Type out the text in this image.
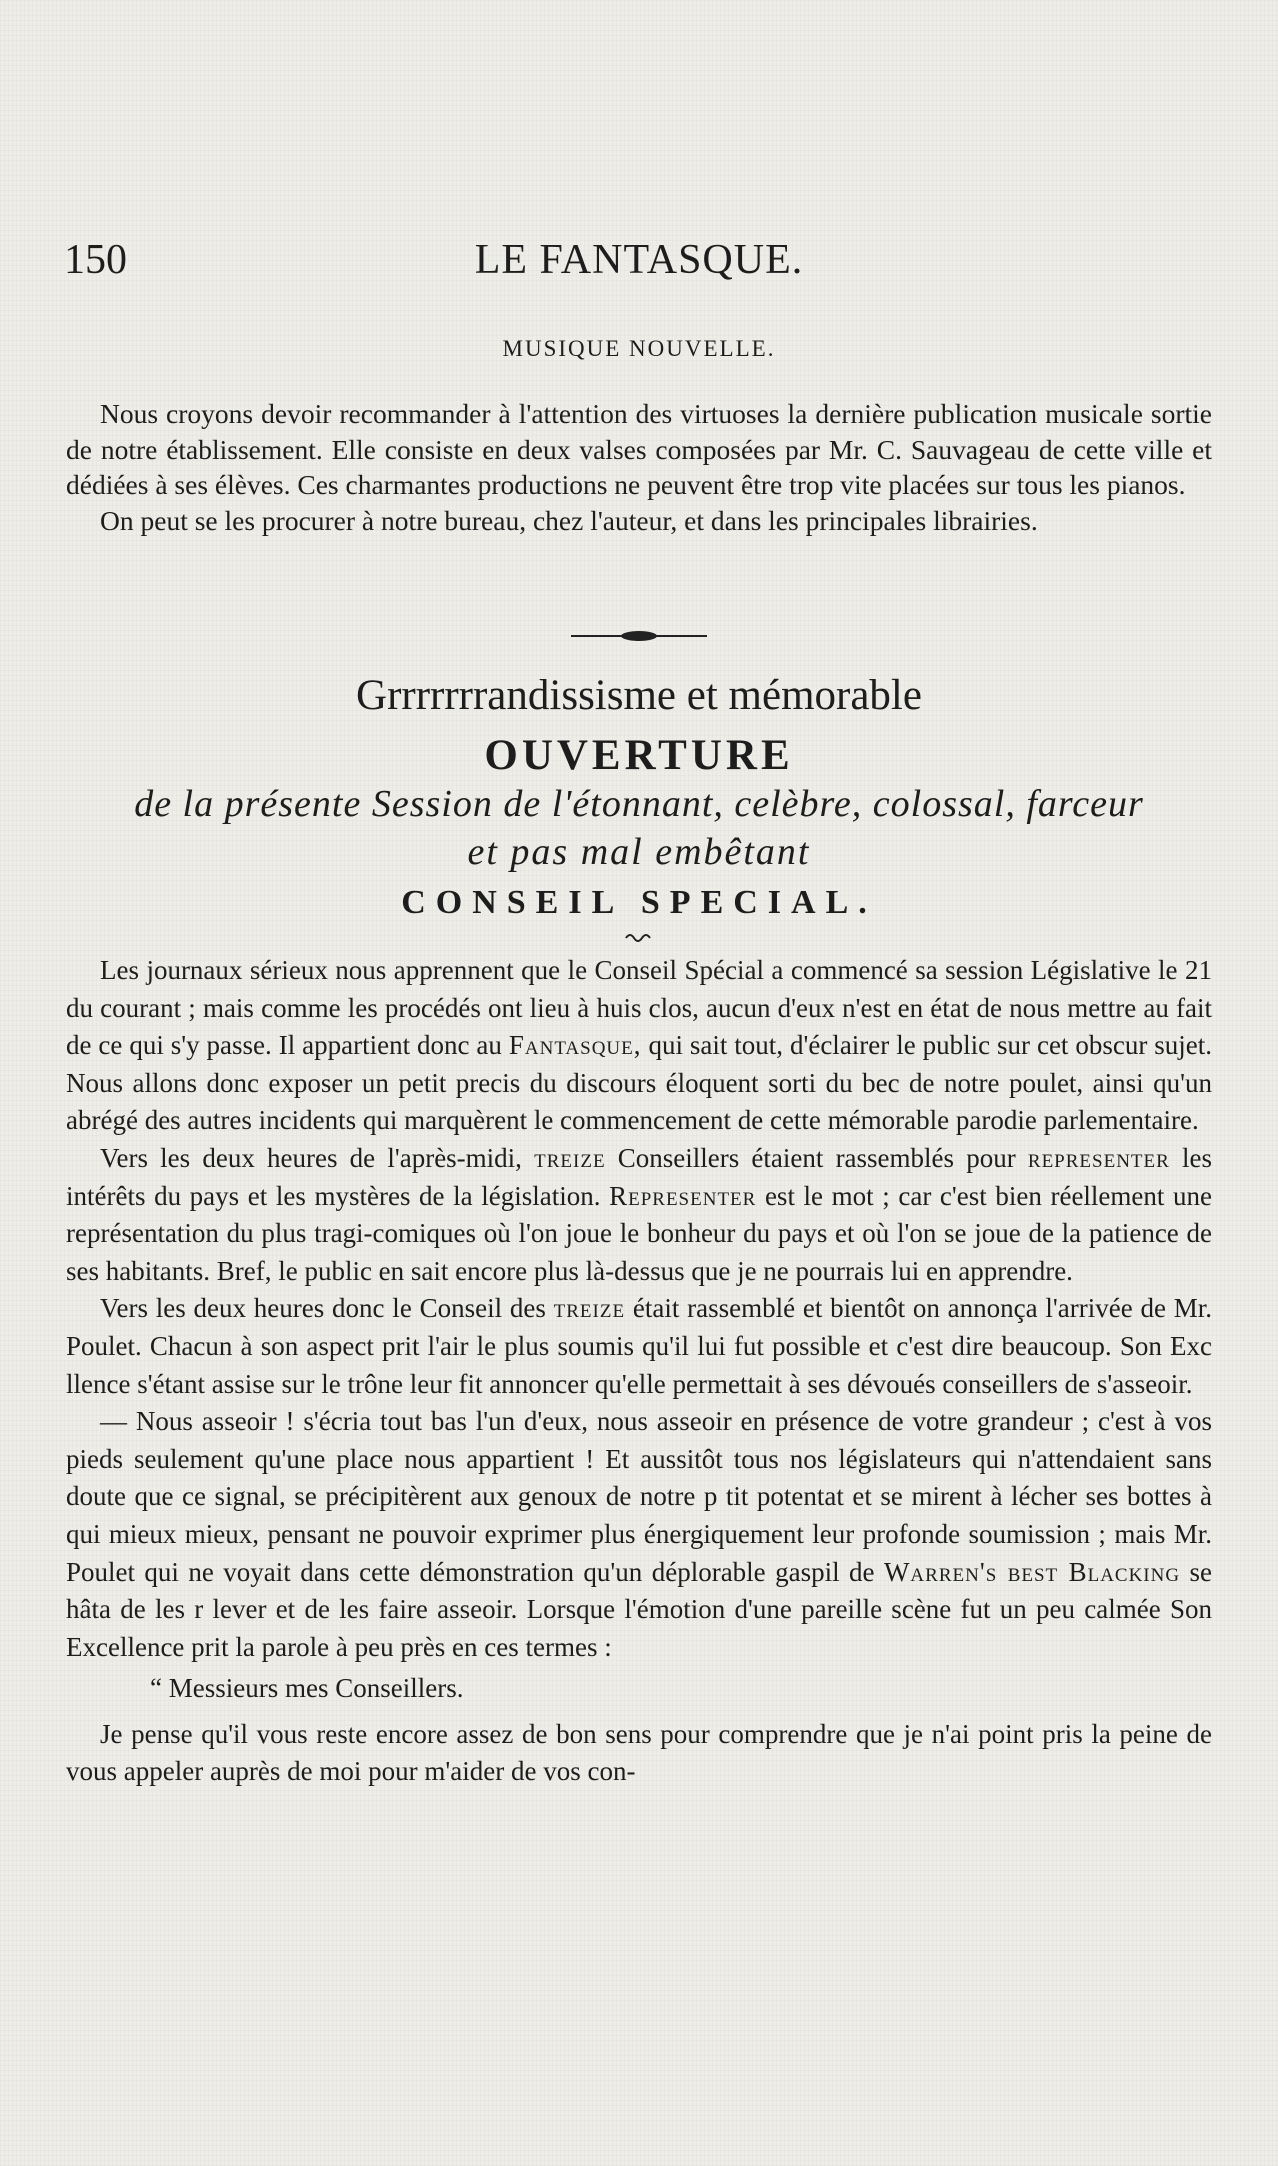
150	LE FANTASQUE.
MUSIQUE NOUVELLE.

Nous croyons devoir recommander à l'attention des virtuoses la dernière publication musicale sortie de notre établissement. Elle consiste en deux valses composées par Mr. C. Sauvageau de cette ville et dédiées à ses élèves. Ces charmantes productions ne peuvent être trop vite placées sur tous les pianos.

On peut se les procurer à notre bureau, chez l'auteur, et dans les principales librairies.

Grrrrrrrandissisme et mémorable
OUVERTURE
de la présente Session de l'étonnant, celèbre, colossal, farceur
et pas mal embêtant
CONSEIL SPECIAL.

Les journaux sérieux nous apprennent que le Conseil Spécial a commencé sa session Législative le 21 du courant ; mais comme les procédés ont lieu à huis clos, aucun d'eux n'est en état de nous mettre au fait de ce qui s'y passe. Il appartient donc au Fantasque, qui sait tout, d'éclairer le public sur cet obscur sujet. Nous allons donc exposer un petit precis du discours éloquent sorti du bec de notre poulet, ainsi qu'un abrégé des autres incidents qui marquèrent le commencement de cette mémorable parodie parlementaire.

Vers les deux heures de l'après-midi, treize Conseillers étaient rassemblés pour representer les intérêts du pays et les mystères de la législation. Representer est le mot ; car c'est bien réellement une représentation du plus tragi-comiques où l'on joue le bonheur du pays et où l'on se joue de la patience de ses habitants. Bref, le public en sait encore plus là-dessus que je ne pourrais lui en apprendre.

Vers les deux heures donc le Conseil des treize était rassemblé et bientôt on annonça l'arrivée de Mr. Poulet. Chacun à son aspect prit l'air le plus soumis qu'il lui fut possible et c'est dire beaucoup. Son Exc llence s'étant assise sur le trône leur fit annoncer qu'elle permettait à ses dévoués conseillers de s'asseoir.

— Nous asseoir ! s'écria tout bas l'un d'eux, nous asseoir en présence de votre grandeur ; c'est à vos pieds seulement qu'une place nous appartient ! Et aussitôt tous nos législateurs qui n'attendaient sans doute que ce signal, se précipitèrent aux genoux de notre p tit potentat et se mirent à lécher ses bottes à qui mieux mieux, pensant ne pouvoir exprimer plus énergiquement leur profonde soumission ; mais Mr. Poulet qui ne voyait dans cette démonstration qu'un déplorable gaspil de Warren's best Blacking se hâta de les r lever et de les faire asseoir. Lorsque l'émotion d'une pareille scène fut un peu calmée Son Excellence prit la parole à peu près en ces termes :

“ Messieurs mes Conseillers.

Je pense qu'il vous reste encore assez de bon sens pour comprendre que je n'ai point pris la peine de vous appeler auprès de moi pour m'aider de vos con-
